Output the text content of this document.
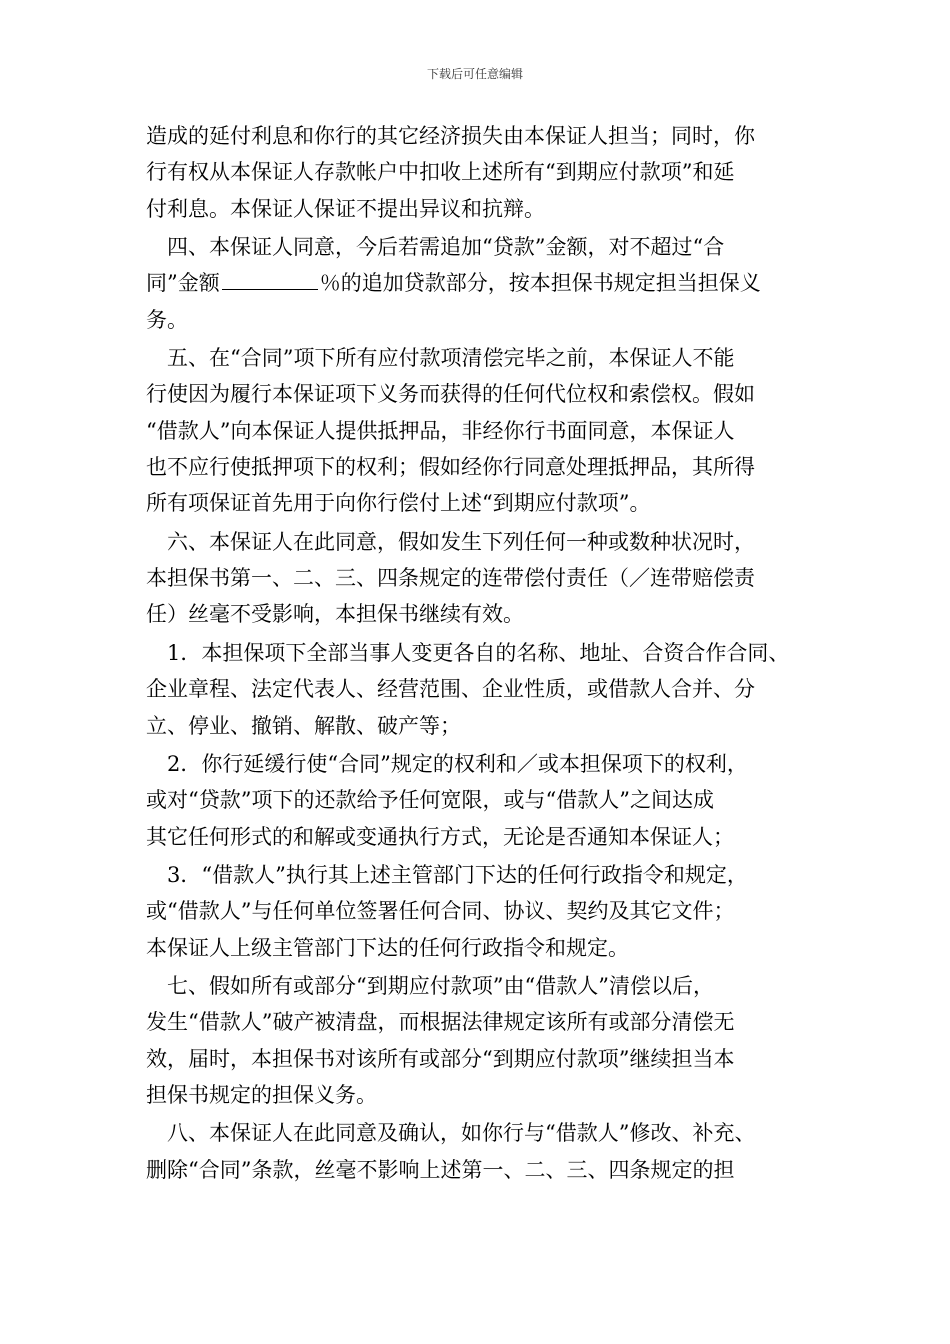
下载后可任意编辑
造成的延付利息和你行的其它经济损失由本保证人担当；同时，你
行有权从本保证人存款帐户中扣收上述所有“到期应付款项”和延
付利息。本保证人保证不提出异议和抗辩。
　四、本保证人同意，今后若需追加“贷款”金额，对不超过“合
同”金额	％的追加贷款部分，按本担保书规定担当担保义
务。
　五、在“合同”项下所有应付款项清偿完毕之前，本保证人不能
行使因为履行本保证项下义务而获得的任何代位权和索偿权。假如
“借款人”向本保证人提供抵押品，非经你行书面同意，本保证人
也不应行使抵押项下的权利；假如经你行同意处理抵押品，其所得
所有项保证首先用于向你行偿付上述“到期应付款项”。
　六、本保证人在此同意，假如发生下列任何一种或数种状况时，
本担保书第一、二、三、四条规定的连带偿付责任（／连带赔偿责
任）丝毫不受影响，本担保书继续有效。
　1．本担保项下全部当事人变更各自的名称、地址、合资合作合同、
企业章程、法定代表人、经营范围、企业性质，或借款人合并、分
立、停业、撤销、解散、破产等；
　2．你行延缓行使“合同”规定的权利和／或本担保项下的权利，
或对“贷款”项下的还款给予任何宽限，或与“借款人”之间达成
其它任何形式的和解或变通执行方式，无论是否通知本保证人；
　3．“借款人”执行其上述主管部门下达的任何行政指令和规定，
或“借款人”与任何单位签署任何合同、协议、契约及其它文件；
本保证人上级主管部门下达的任何行政指令和规定。
　七、假如所有或部分“到期应付款项”由“借款人”清偿以后，
发生“借款人”破产被清盘，而根据法律规定该所有或部分清偿无
效，届时，本担保书对该所有或部分“到期应付款项”继续担当本
担保书规定的担保义务。
　八、本保证人在此同意及确认，如你行与“借款人”修改、补充、
删除“合同”条款，丝毫不影响上述第一、二、三、四条规定的担
